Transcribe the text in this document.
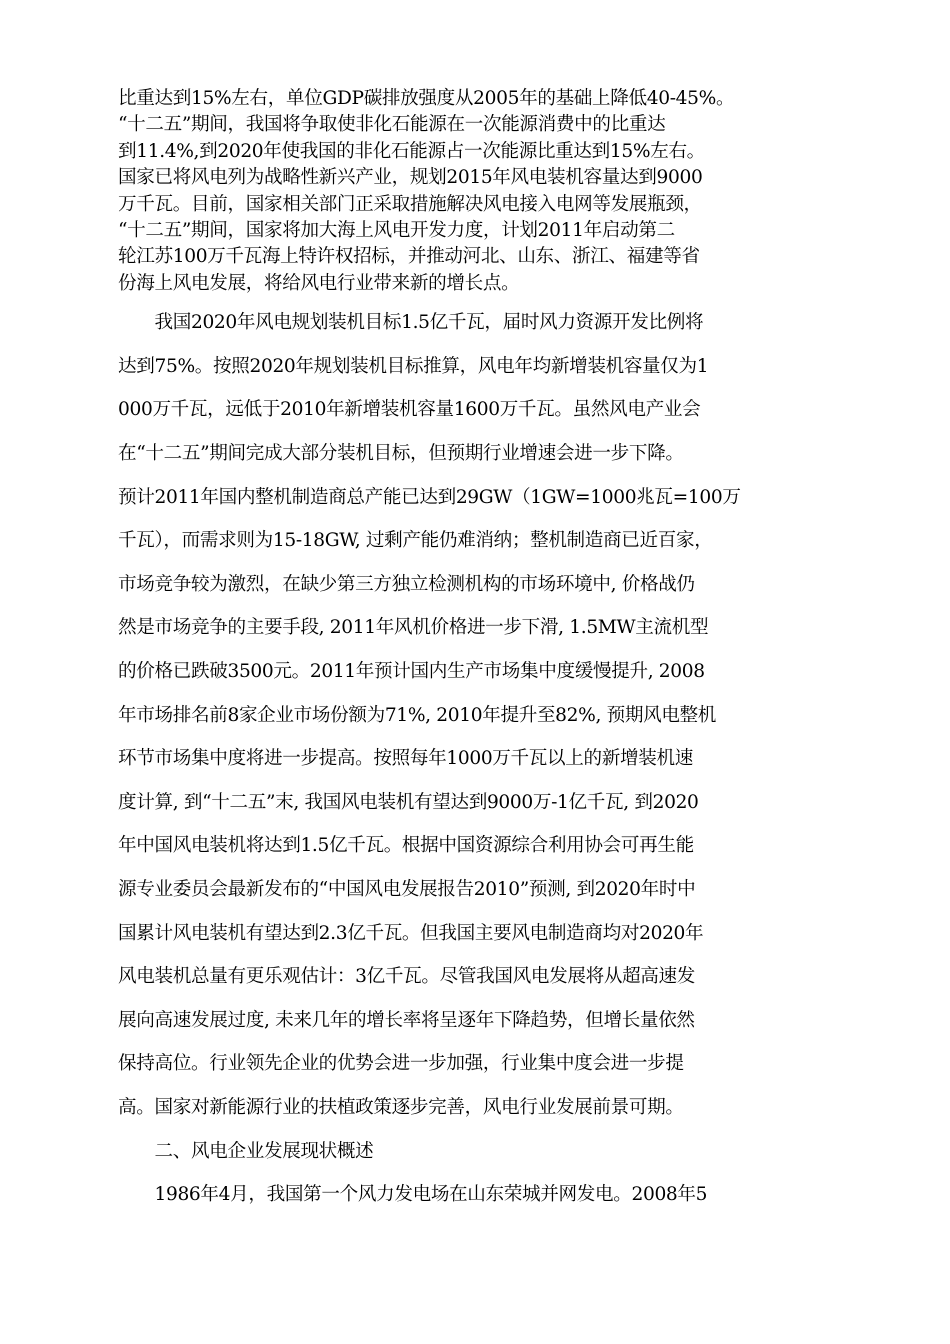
比重达到15%左右，单位GDP碳排放强度从2005年的基础上降低40-45%。
“十二五”期间，我国将争取使非化石能源在一次能源消费中的比重达
到11.4%,到2020年使我国的非化石能源占一次能源比重达到15%左右。
国家已将风电列为战略性新兴产业，规划2015年风电装机容量达到9000
万千瓦。目前，国家相关部门正采取措施解决风电接入电网等发展瓶颈，
“十二五”期间，国家将加大海上风电开发力度，计划2011年启动第二
轮江苏100万千瓦海上特许权招标，并推动河北、山东、浙江、福建等省
份海上风电发展，将给风电行业带来新的增长点。
　　我国2020年风电规划装机目标1.5亿千瓦，届时风力资源开发比例将
达到75%。按照2020年规划装机目标推算，风电年均新增装机容量仅为1
000万千瓦，远低于2010年新增装机容量1600万千瓦。虽然风电产业会
在“十二五”期间完成大部分装机目标，但预期行业增速会进一步下降。
预计2011年国内整机制造商总产能已达到29GW（1GW=1000兆瓦=100万
千瓦），而需求则为15-18GW, 过剩产能仍难消纳；整机制造商已近百家，
市场竞争较为激烈，在缺少第三方独立检测机构的市场环境中, 价格战仍
然是市场竞争的主要手段, 2011年风机价格进一步下滑, 1.5MW主流机型
的价格已跌破3500元。2011年预计国内生产市场集中度缓慢提升, 2008
年市场排名前8家企业市场份额为71%, 2010年提升至82%, 预期风电整机
环节市场集中度将进一步提高。按照每年1000万千瓦以上的新增装机速
度计算, 到“十二五”末, 我国风电装机有望达到9000万-1亿千瓦, 到2020
年中国风电装机将达到1.5亿千瓦。根据中国资源综合利用协会可再生能
源专业委员会最新发布的“中国风电发展报告2010”预测, 到2020年时中
国累计风电装机有望达到2.3亿千瓦。但我国主要风电制造商均对2020年
风电装机总量有更乐观估计：3亿千瓦。尽管我国风电发展将从超高速发
展向高速发展过度, 未来几年的增长率将呈逐年下降趋势，但增长量依然
保持高位。行业领先企业的优势会进一步加强，行业集中度会进一步提
高。国家对新能源行业的扶植政策逐步完善，风电行业发展前景可期。
　　二、风电企业发展现状概述
　　1986年4月，我国第一个风力发电场在山东荣城并网发电。2008年5
